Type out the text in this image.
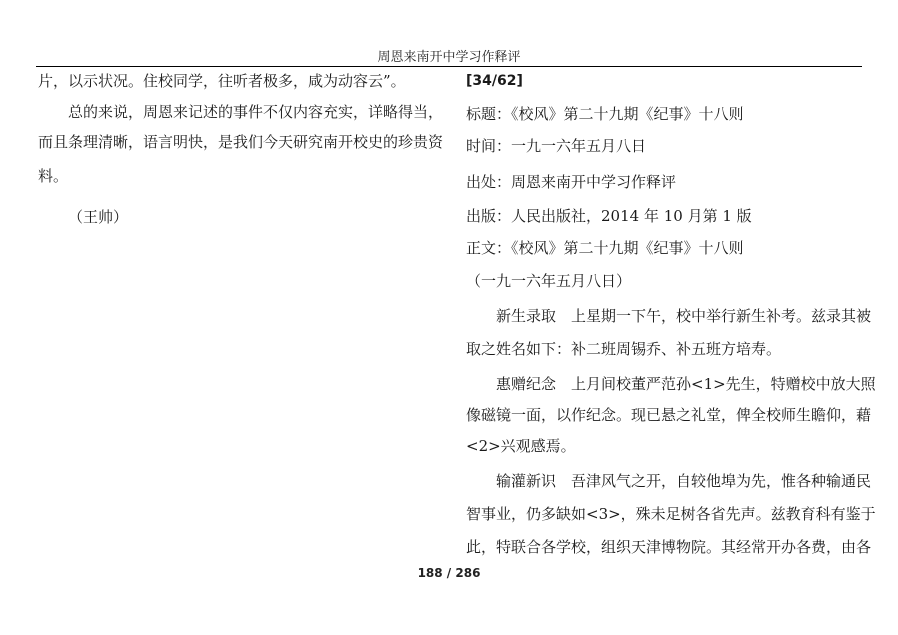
周恩来南开中学习作释评
片，以示状况。住校同学，往听者极多，咸为动容云”。
总的来说，周恩来记述的事件不仅内容充实，详略得当，
而且条理清晰，语言明快，是我们今天研究南开校史的珍贵资
料。
（王帅）
[34/62]
标题：《校风》第二十九期《纪事》十八则
时间：一九一六年五月八日
出处：周恩来南开中学习作释评
出版：人民出版社，2014 年 10 月第 1 版
正文：《校风》第二十九期《纪事》十八则
（一九一六年五月八日）
新生录取　上星期一下午，校中举行新生补考。兹录其被
取之姓名如下：补二班周锡乔、补五班方培寿。
惠赠纪念　上月间校董严范孙<1>先生，特赠校中放大照
像磁镜一面，以作纪念。现已悬之礼堂，俾全校师生瞻仰，藉
<2>兴观感焉。
输灌新识　吾津风气之开，自较他埠为先，惟各种输通民
智事业，仍多缺如<3>，殊未足树各省先声。兹教育科有鉴于
此，特联合各学校，组织天津博物院。其经常开办各费，由各
188 / 286
